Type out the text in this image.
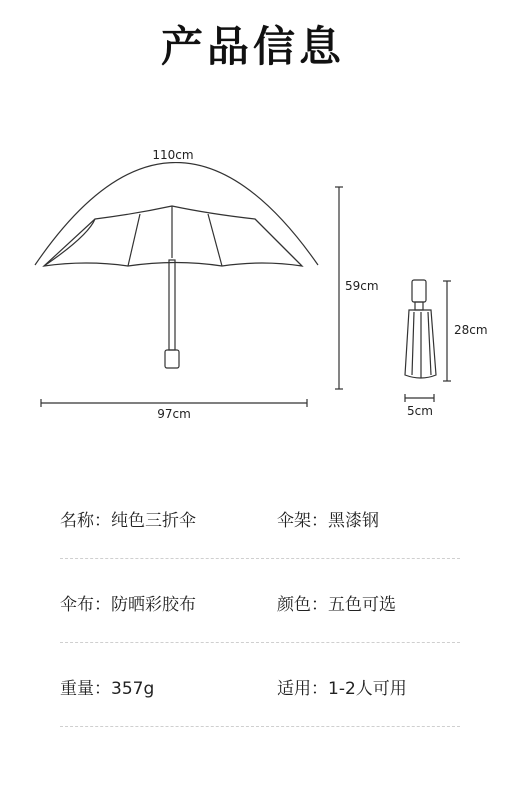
产品信息
110cm
59cm
97cm
28cm
5cm
名称：纯色三折伞	伞架：黑漆钢
伞布：防晒彩胶布	颜色：五色可选
重量：357g	适用：1-2人可用
